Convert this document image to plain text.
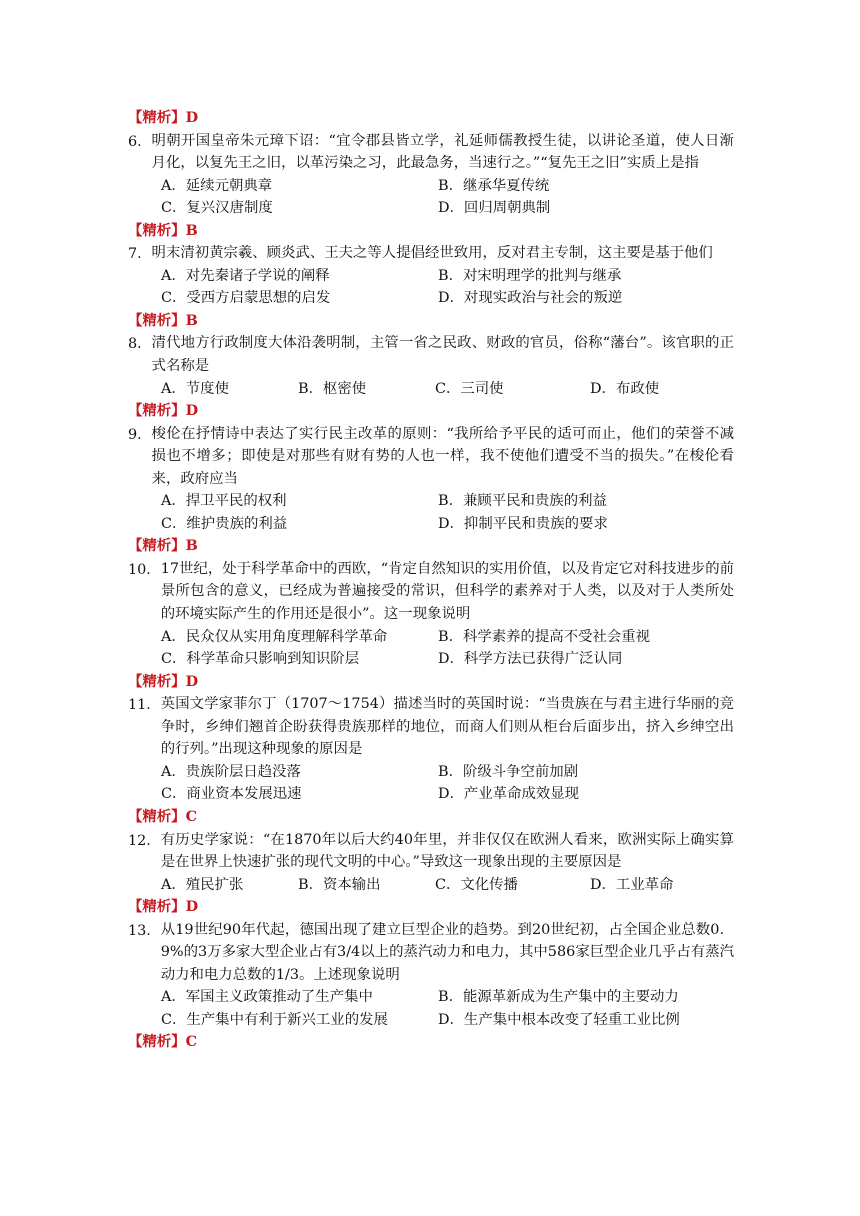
【精析】D
6． 明朝开国皇帝朱元璋下诏：“宜令郡县皆立学，礼延师儒教授生徒，以讲论圣道，使人日渐月化，以复先王之旧，以革污染之习，此最急务，当速行之。”“复先王之旧”实质上是指
A．延续元朝典章	B．继承华夏传统
C．复兴汉唐制度	D．回归周朝典制
【精析】B
7． 明末清初黄宗羲、顾炎武、王夫之等人提倡经世致用，反对君主专制，这主要是基于他们
A．对先秦诸子学说的阐释	B．对宋明理学的批判与继承
C．受西方启蒙思想的启发	D．对现实政治与社会的叛逆
【精析】B
8． 清代地方行政制度大体沿袭明制，主管一省之民政、财政的官员，俗称“藩台”。该官职的正式名称是
A．节度使	B．枢密使	C．三司使	D．布政使
【精析】D
9． 梭伦在抒情诗中表达了实行民主改革的原则：“我所给予平民的适可而止，他们的荣誉不减损也不增多；即使是对那些有财有势的人也一样，我不使他们遭受不当的损失。”在梭伦看来，政府应当
A．捍卫平民的权利	B．兼顾平民和贵族的利益
C．维护贵族的利益	D．抑制平民和贵族的要求
【精析】B
10． 17世纪，处于科学革命中的西欧，“肯定自然知识的实用价值，以及肯定它对科技进步的前景所包含的意义，已经成为普遍接受的常识，但科学的素养对于人类，以及对于人类所处的环境实际产生的作用还是很小”。这一现象说明
A．民众仅从实用角度理解科学革命	B．科学素养的提高不受社会重视
C．科学革命只影响到知识阶层	D．科学方法已获得广泛认同
【精析】D
11． 英国文学家菲尔丁（1707～1754）描述当时的英国时说：“当贵族在与君主进行华丽的竞争时，乡绅们翘首企盼获得贵族那样的地位，而商人们则从柜台后面步出，挤入乡绅空出的行列。”出现这种现象的原因是
A．贵族阶层日趋没落	B．阶级斗争空前加剧
C．商业资本发展迅速	D．产业革命成效显现
【精析】C
12． 有历史学家说：“在1870年以后大约40年里，并非仅仅在欧洲人看来，欧洲实际上确实算是在世界上快速扩张的现代文明的中心。”导致这一现象出现的主要原因是
A．殖民扩张	B．资本输出	C．文化传播	D．工业革命
【精析】D
13． 从19世纪90年代起，德国出现了建立巨型企业的趋势。到20世纪初，占全国企业总数0．9%的3万多家大型企业占有3/4以上的蒸汽动力和电力，其中586家巨型企业几乎占有蒸汽动力和电力总数的1/3。上述现象说明
A．军国主义政策推动了生产集中	B．能源革新成为生产集中的主要动力
C．生产集中有利于新兴工业的发展	D．生产集中根本改变了轻重工业比例
【精析】C
